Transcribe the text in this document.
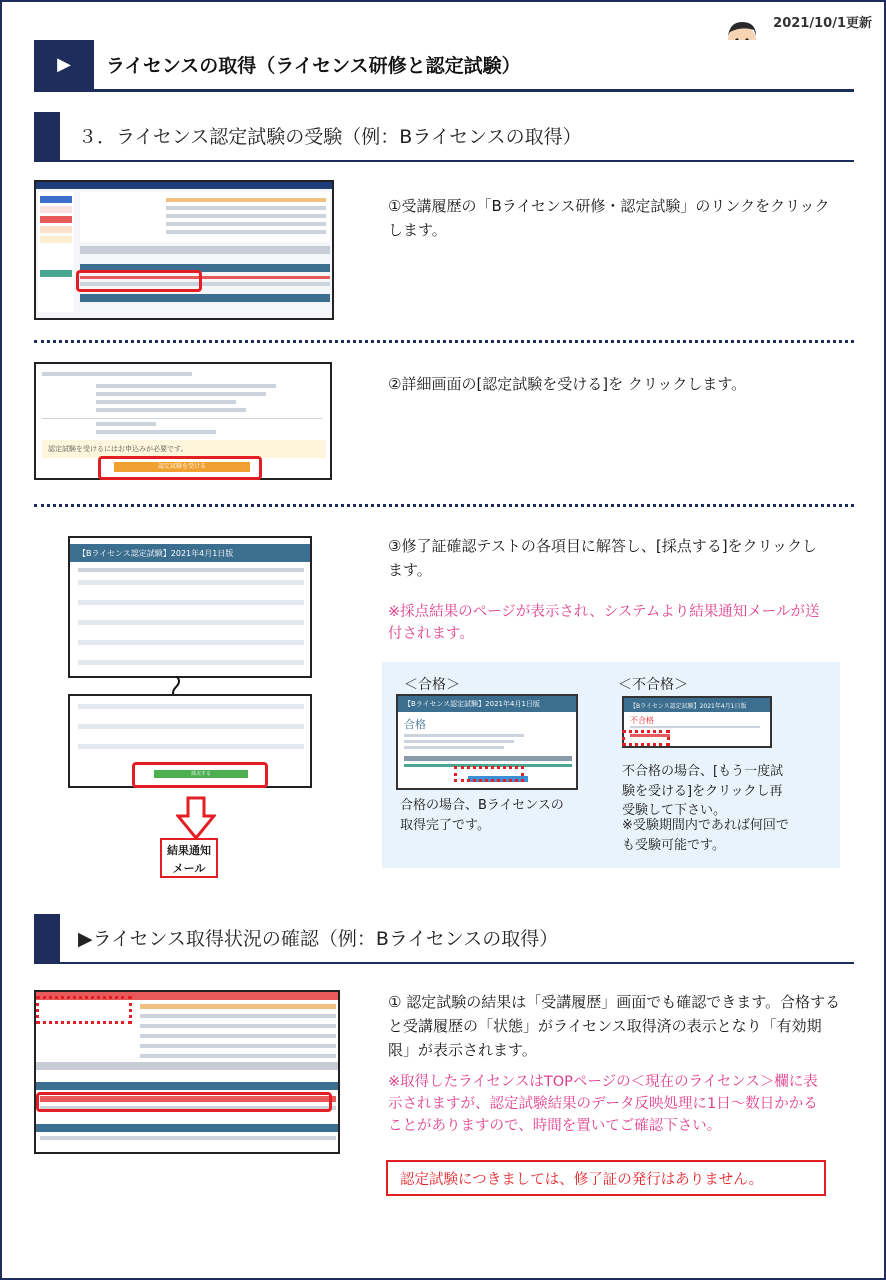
2021/10/1更新
▶	ライセンスの取得（ライセンス研修と認定試験）
３．ライセンス認定試験の受験（例：Bライセンスの取得）
①受講履歴の「Bライセンス研修・認定試験」のリンクをクリックします。
認定試験を受けるにはお申込みが必要です。
認定試験を受ける
②詳細画面の[認定試験を受ける]を クリックします。
【Bライセンス認定試験】2021年4月1日版
採点する
結果通知
メール
③修了証確認テストの各項目に解答し、[採点する]をクリックします。
※採点結果のページが表示され、システムより結果通知メールが送付されます。
＜合格＞	＜不合格＞
【Bライセンス認定試験】2021年4月1日版
合格
【Bライセンス認定試験】2021年4月1日版
不合格
合格の場合、Bライセンスの取得完了です。
不合格の場合、[もう一度試験を受ける]をクリックし再受験して下さい。
※受験期間内であれば何回でも受験可能です。
▶ライセンス取得状況の確認（例：Bライセンスの取得）
① 認定試験の結果は「受講履歴」画面でも確認できます。合格すると受講履歴の「状態」がライセンス取得済の表示となり「有効期限」が表示されます。
※取得したライセンスはTOPページの＜現在のライセンス＞欄に表示されますが、認定試験結果のデータ反映処理に1日～数日かかることがありますので、時間を置いてご確認下さい。
認定試験につきましては、修了証の発行はありません。
